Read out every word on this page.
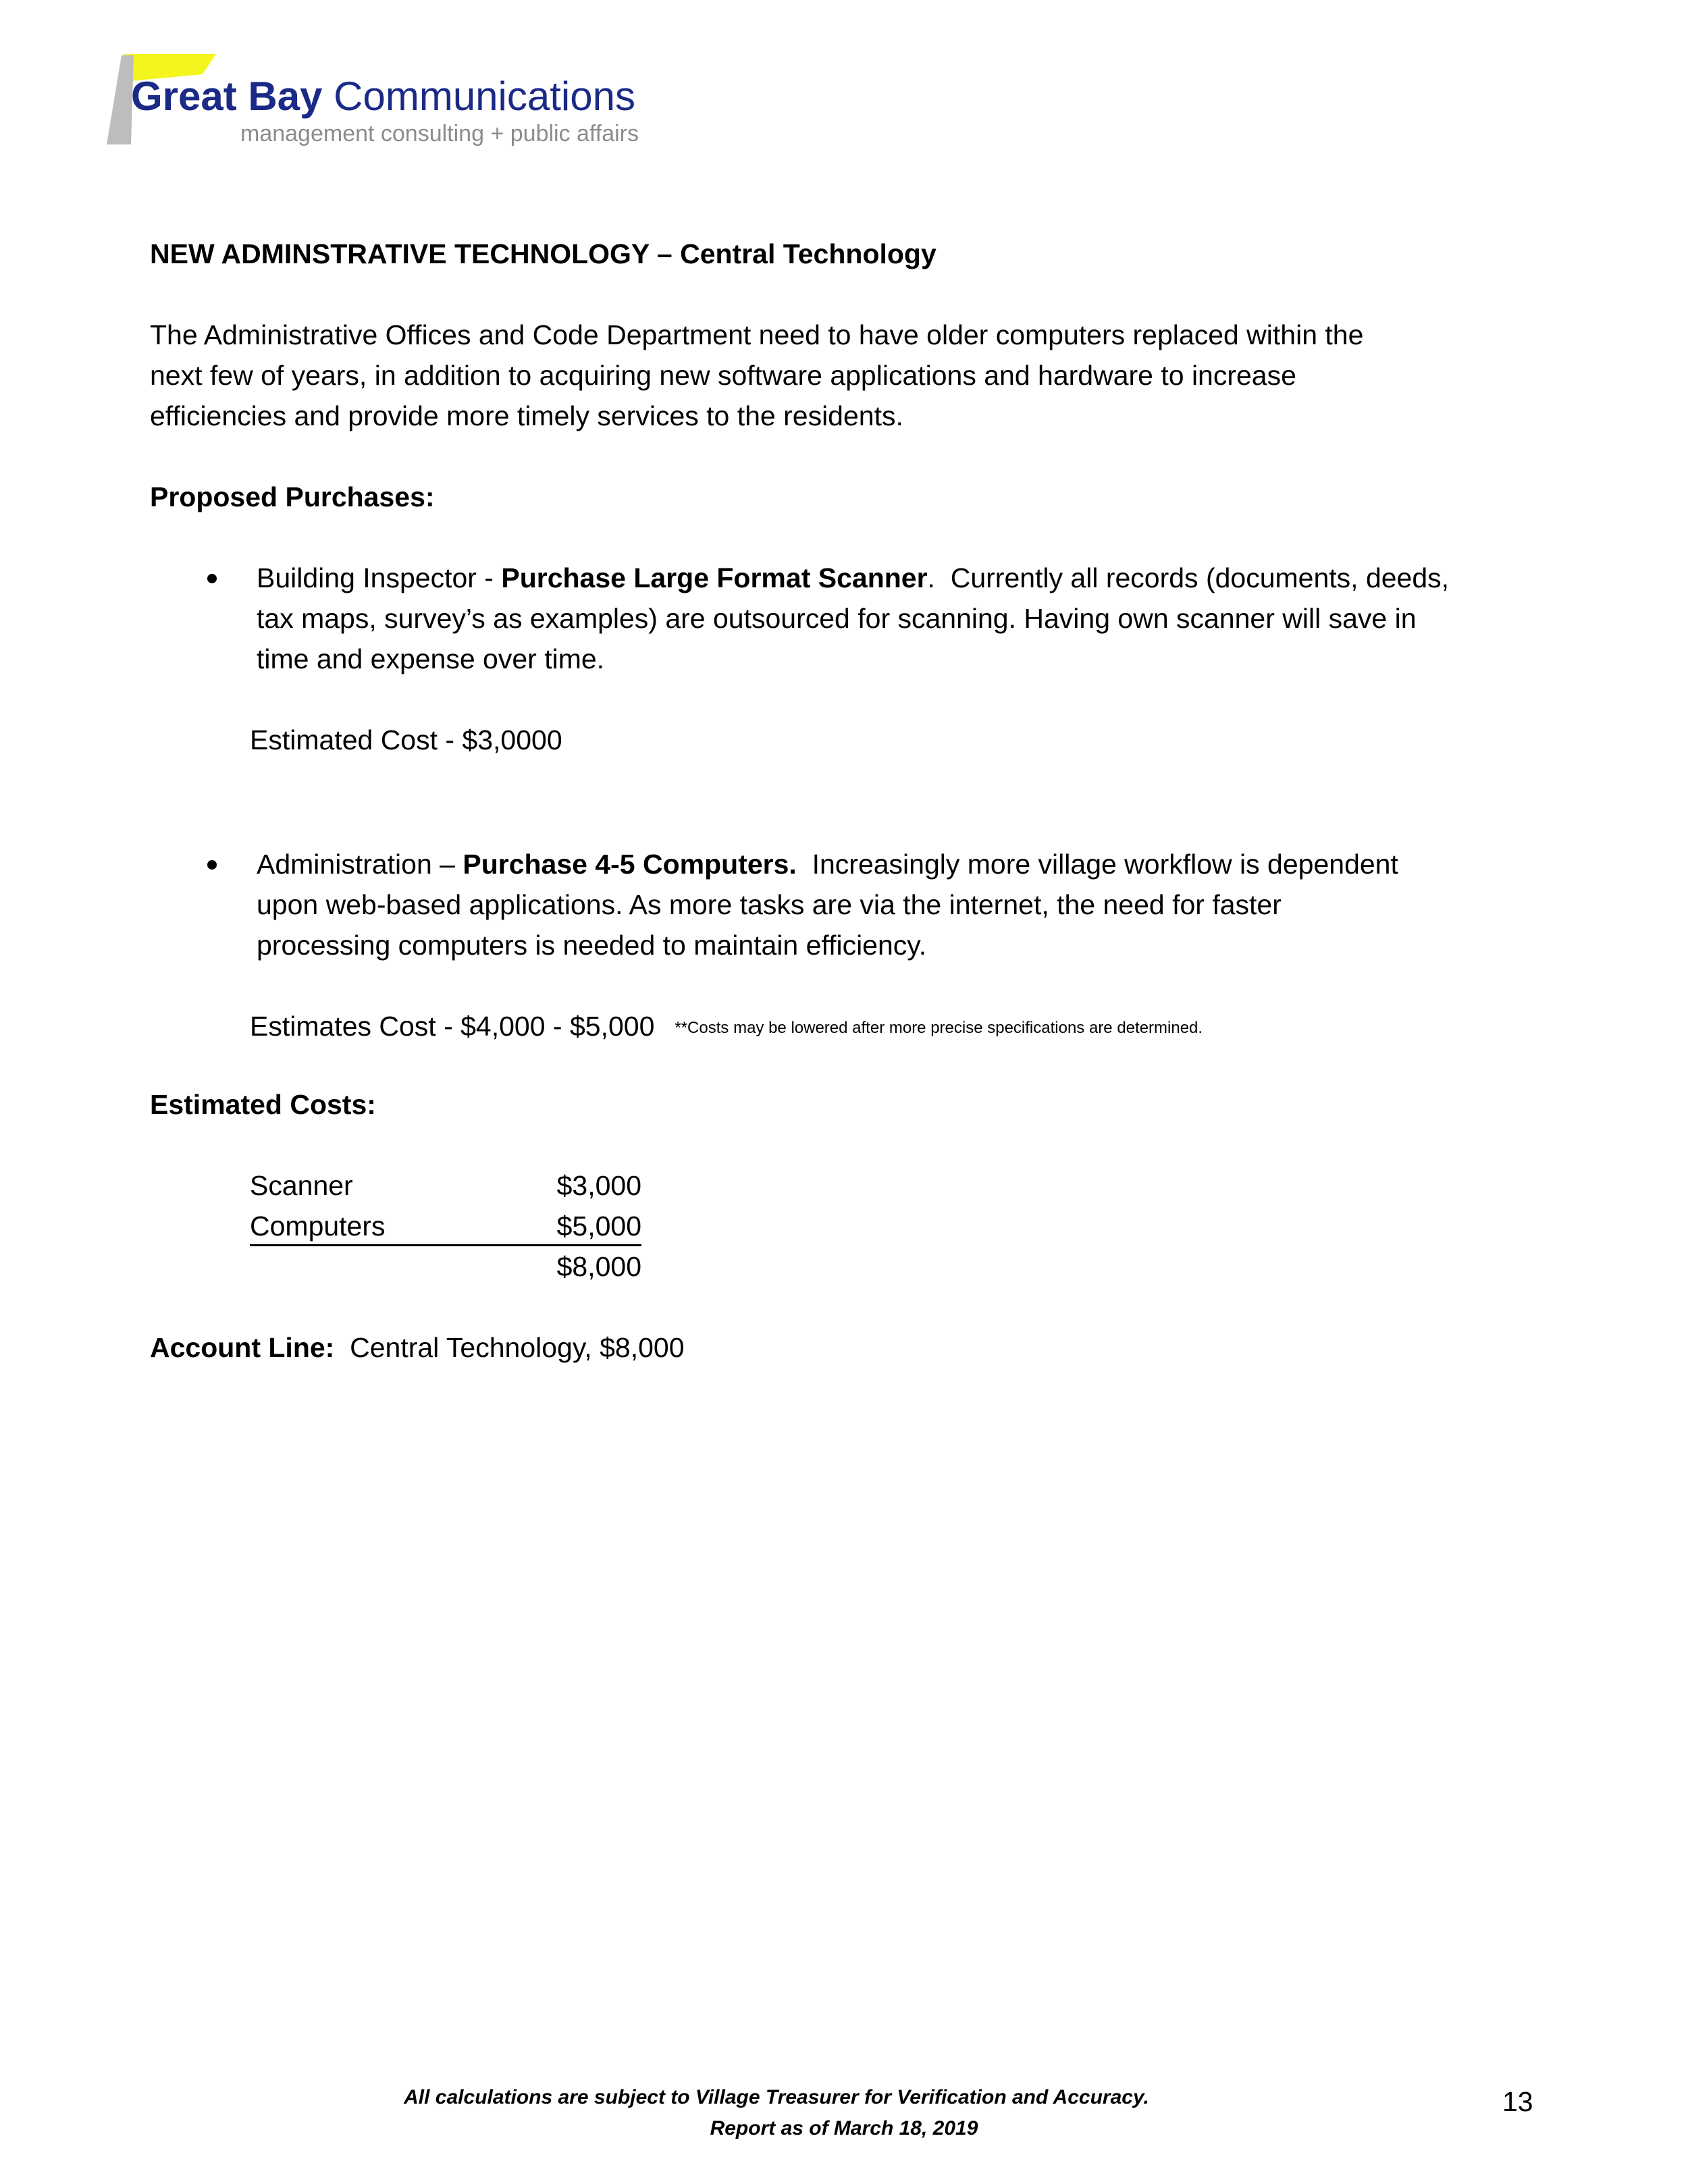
Great Bay Communications
management consulting + public affairs
NEW ADMINSTRATIVE TECHNOLOGY – Central Technology
The Administrative Offices and Code Department need to have older computers replaced within the
next few of years, in addition to acquiring new software applications and hardware to increase
efficiencies and provide more timely services to the residents.
Proposed Purchases:
Building Inspector - Purchase Large Format Scanner.  Currently all records (documents, deeds,
tax maps, survey’s as examples) are outsourced for scanning. Having own scanner will save in
time and expense over time.
Estimated Cost - $3,0000
Administration – Purchase 4-5 Computers.  Increasingly more village workflow is dependent
upon web-based applications. As more tasks are via the internet, the need for faster
processing computers is needed to maintain efficiency.
Estimates Cost - $4,000 - $5,000 **Costs may be lowered after more precise specifications are determined.
Estimated Costs:
Scanner	$3,000
Computers	$5,000
$8,000
Account Line:  Central Technology, $8,000
All calculations are subject to Village Treasurer for Verification and Accuracy.
Report as of March 18, 2019
13
